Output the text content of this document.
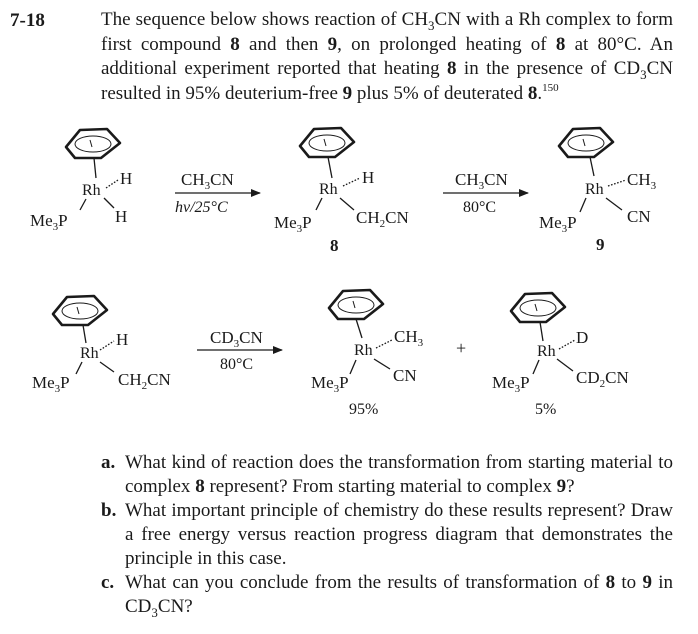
7-18	The sequence below shows reaction of $CH_3CN$ with a Rh complex to form first compound 8 and then 9, on prolonged heating of 8 at 80°C. An additional experiment reported that heating 8 in the presence of $CD_3CN$ resulted in 95% deuterium-free 9 plus 5% of deuterated 8.$^{150}$

Rh
H
H
$Me_3P$
$CH_3CN$
hv/25°C
Rh
H
$CH_2CN$
$Me_3P$
8
$CH_3CN$
80°C
Rh
$CH_3$
CN
$Me_3P$
9
Rh
H
$CH_2CN$
$Me_3P$
$CD_3CN$
80°C
Rh
$CH_3$
CN
$Me_3P$
95%
+	Rh
D
$CD_2CN$
$Me_3P$
5%

a. What kind of reaction does the transformation from starting material to complex 8 represent? From starting material to complex 9?

b. What important principle of chemistry do these results represent? Draw a free energy versus reaction progress diagram that demonstrates the principle in this case.

c. What can you conclude from the results of transformation of 8 to 9 in $CD_3CN$?
